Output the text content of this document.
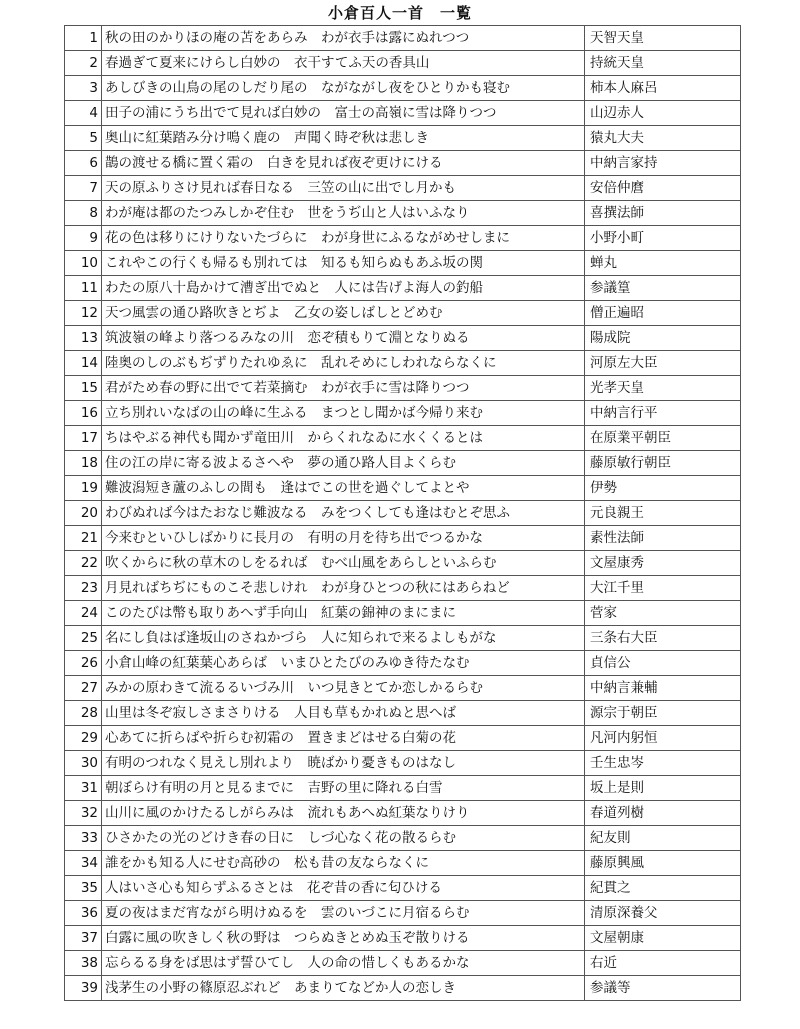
小倉百人一首　一覧
1	秋の田のかりほの庵の苫をあらみ　わが衣手は露にぬれつつ	天智天皇
2	春過ぎて夏来にけらし白妙の　衣干すてふ天の香具山	持統天皇
3	あしびきの山鳥の尾のしだり尾の　ながながし夜をひとりかも寝む	柿本人麻呂
4	田子の浦にうち出でて見れば白妙の　富士の高嶺に雪は降りつつ	山辺赤人
5	奥山に紅葉踏み分け鳴く鹿の　声聞く時ぞ秋は悲しき	猿丸大夫
6	鵲の渡せる橋に置く霜の　白きを見れば夜ぞ更けにける	中納言家持
7	天の原ふりさけ見れば春日なる　三笠の山に出でし月かも	安倍仲麿
8	わが庵は都のたつみしかぞ住む　世をうぢ山と人はいふなり	喜撰法師
9	花の色は移りにけりないたづらに　わが身世にふるながめせしまに	小野小町
10	これやこの行くも帰るも別れては　知るも知らぬもあふ坂の関	蝉丸
11	わたの原八十島かけて漕ぎ出でぬと　人には告げよ海人の釣船	参議篁
12	天つ風雲の通ひ路吹きとぢよ　乙女の姿しばしとどめむ	僧正遍昭
13	筑波嶺の峰より落つるみなの川　恋ぞ積もりて淵となりぬる	陽成院
14	陸奥のしのぶもぢずりたれゆゑに　乱れそめにしわれならなくに	河原左大臣
15	君がため春の野に出でて若菜摘む　わが衣手に雪は降りつつ	光孝天皇
16	立ち別れいなばの山の峰に生ふる　まつとし聞かば今帰り来む	中納言行平
17	ちはやぶる神代も聞かず竜田川　からくれなゐに水くくるとは	在原業平朝臣
18	住の江の岸に寄る波よるさへや　夢の通ひ路人目よくらむ	藤原敏行朝臣
19	難波潟短き蘆のふしの間も　逢はでこの世を過ぐしてよとや	伊勢
20	わびぬれば今はたおなじ難波なる　みをつくしても逢はむとぞ思ふ	元良親王
21	今来むといひしばかりに長月の　有明の月を待ち出でつるかな	素性法師
22	吹くからに秋の草木のしをるれば　むべ山風をあらしといふらむ	文屋康秀
23	月見ればちぢにものこそ悲しけれ　わが身ひとつの秋にはあらねど	大江千里
24	このたびは幣も取りあへず手向山　紅葉の錦神のまにまに	菅家
25	名にし負はば逢坂山のさねかづら　人に知られで来るよしもがな	三条右大臣
26	小倉山峰の紅葉葉心あらば　いまひとたびのみゆき待たなむ	貞信公
27	みかの原わきて流るるいづみ川　いつ見きとてか恋しかるらむ	中納言兼輔
28	山里は冬ぞ寂しさまさりける　人目も草もかれぬと思へば	源宗于朝臣
29	心あてに折らばや折らむ初霜の　置きまどはせる白菊の花	凡河内躬恒
30	有明のつれなく見えし別れより　暁ばかり憂きものはなし	壬生忠岑
31	朝ぼらけ有明の月と見るまでに　吉野の里に降れる白雪	坂上是則
32	山川に風のかけたるしがらみは　流れもあへぬ紅葉なりけり	春道列樹
33	ひさかたの光のどけき春の日に　しづ心なく花の散るらむ	紀友則
34	誰をかも知る人にせむ高砂の　松も昔の友ならなくに	藤原興風
35	人はいさ心も知らずふるさとは　花ぞ昔の香に匂ひける	紀貫之
36	夏の夜はまだ宵ながら明けぬるを　雲のいづこに月宿るらむ	清原深養父
37	白露に風の吹きしく秋の野は　つらぬきとめぬ玉ぞ散りける	文屋朝康
38	忘らるる身をば思はず誓ひてし　人の命の惜しくもあるかな	右近
39	浅茅生の小野の篠原忍ぶれど　あまりてなどか人の恋しき	参議等
